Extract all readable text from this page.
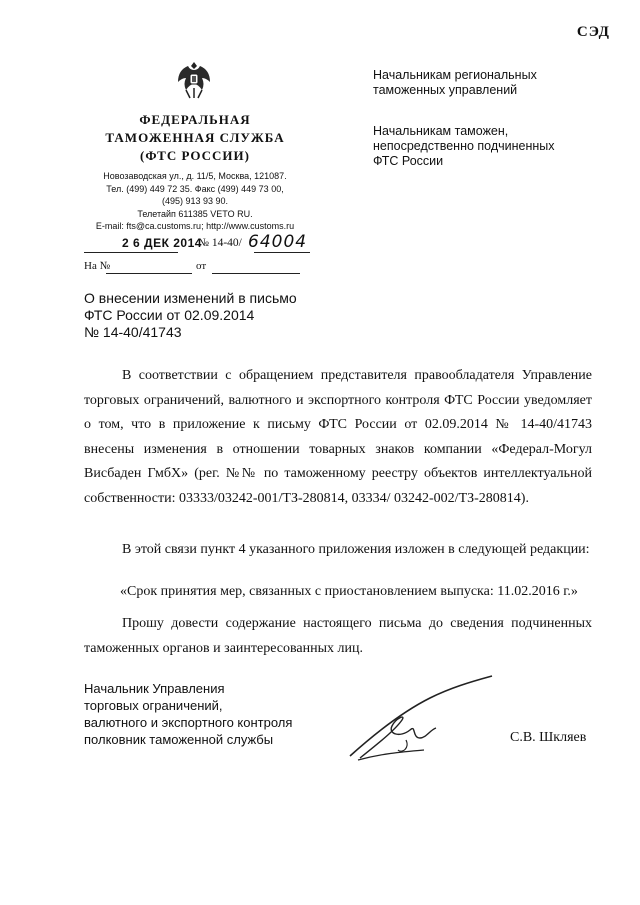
СЭД
ФЕДЕРАЛЬНАЯ
ТАМОЖЕННАЯ СЛУЖБА
(ФТС РОССИИ)
Новозаводская ул., д. 11/5, Москва, 121087.
Тел. (499) 449 72 35. Факс (499) 449 73 00,
(495) 913 93 90.
Телетайп 611385 VETO RU.
E-mail: fts@ca.customs.ru; http://www.customs.ru
2 6 ДЕК 2014
№ 14-40/ 64004
На №	от
Начальникам региональных
таможенных управлений
Начальникам таможен,
непосредственно подчиненных
ФТС России
О внесении изменений в письмо
ФТС России от 02.09.2014
№ 14-40/41743
В соответствии с обращением представителя правообладателя Управление торговых ограничений, валютного и экспортного контроля ФТС России уведомляет о том, что в приложение к письму ФТС России от 02.09.2014 № 14-40/41743 внесены изменения в отношении товарных знаков компании «Федерал-Могул Висбаден ГмбХ» (рег. №№ по таможенному реестру объектов интеллектуальной собственности: 03333/03242-001/ТЗ-280814, 03334/ 03242-002/ТЗ-280814).
В этой связи пункт 4 указанного приложения изложен в следующей редакции:
«Срок принятия мер, связанных с приостановлением выпуска: 11.02.2016 г.»
Прошу довести содержание настоящего письма до сведения подчиненных таможенных органов и заинтересованных лиц.
Начальник Управления
торговых ограничений,
валютного и экспортного контроля
полковник таможенной службы	С.В. Шкляев
